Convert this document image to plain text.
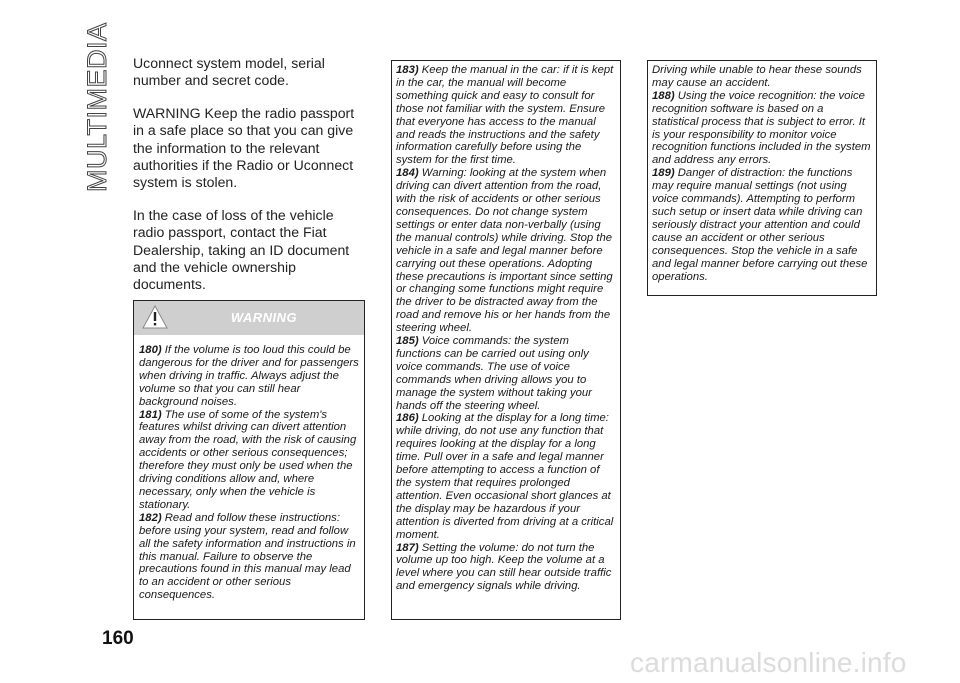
MULTIMEDIA
160

Uconnect system model, serial number and secret code.

WARNING Keep the radio passport in a safe place so that you can give the information to the relevant authorities if the Radio or Uconnect system is stolen.

In the case of loss of the vehicle radio passport, contact the Fiat Dealership, taking an ID document and the vehicle ownership documents.

WARNING

180) If the volume is too loud this could be dangerous for the driver and for passengers when driving in traffic. Always adjust the volume so that you can still hear background noises.

181) The use of some of the system's features whilst driving can divert attention away from the road, with the risk of causing accidents or other serious consequences; therefore they must only be used when the driving conditions allow and, where necessary, only when the vehicle is stationary.

182) Read and follow these instructions: before using your system, read and follow all the safety information and instructions in this manual. Failure to observe the precautions found in this manual may lead to an accident or other serious consequences.

183) Keep the manual in the car: if it is kept in the car, the manual will become something quick and easy to consult for those not familiar with the system. Ensure that everyone has access to the manual and reads the instructions and the safety information carefully before using the system for the first time.

184) Warning: looking at the system when driving can divert attention from the road, with the risk of accidents or other serious consequences. Do not change system settings or enter data non-verbally (using the manual controls) while driving. Stop the vehicle in a safe and legal manner before carrying out these operations. Adopting these precautions is important since setting or changing some functions might require the driver to be distracted away from the road and remove his or her hands from the steering wheel.

185) Voice commands: the system functions can be carried out using only voice commands. The use of voice commands when driving allows you to manage the system without taking your hands off the steering wheel.

186) Looking at the display for a long time: while driving, do not use any function that requires looking at the display for a long time. Pull over in a safe and legal manner before attempting to access a function of the system that requires prolonged attention. Even occasional short glances at the display may be hazardous if your attention is diverted from driving at a critical moment.

187) Setting the volume: do not turn the volume up too high. Keep the volume at a level where you can still hear outside traffic and emergency signals while driving.

Driving while unable to hear these sounds may cause an accident.

188) Using the voice recognition: the voice recognition software is based on a statistical process that is subject to error. It is your responsibility to monitor voice recognition functions included in the system and address any errors.

189) Danger of distraction: the functions may require manual settings (not using voice commands). Attempting to perform such setup or insert data while driving can seriously distract your attention and could cause an accident or other serious consequences. Stop the vehicle in a safe and legal manner before carrying out these operations.

carmanualsonline.info
